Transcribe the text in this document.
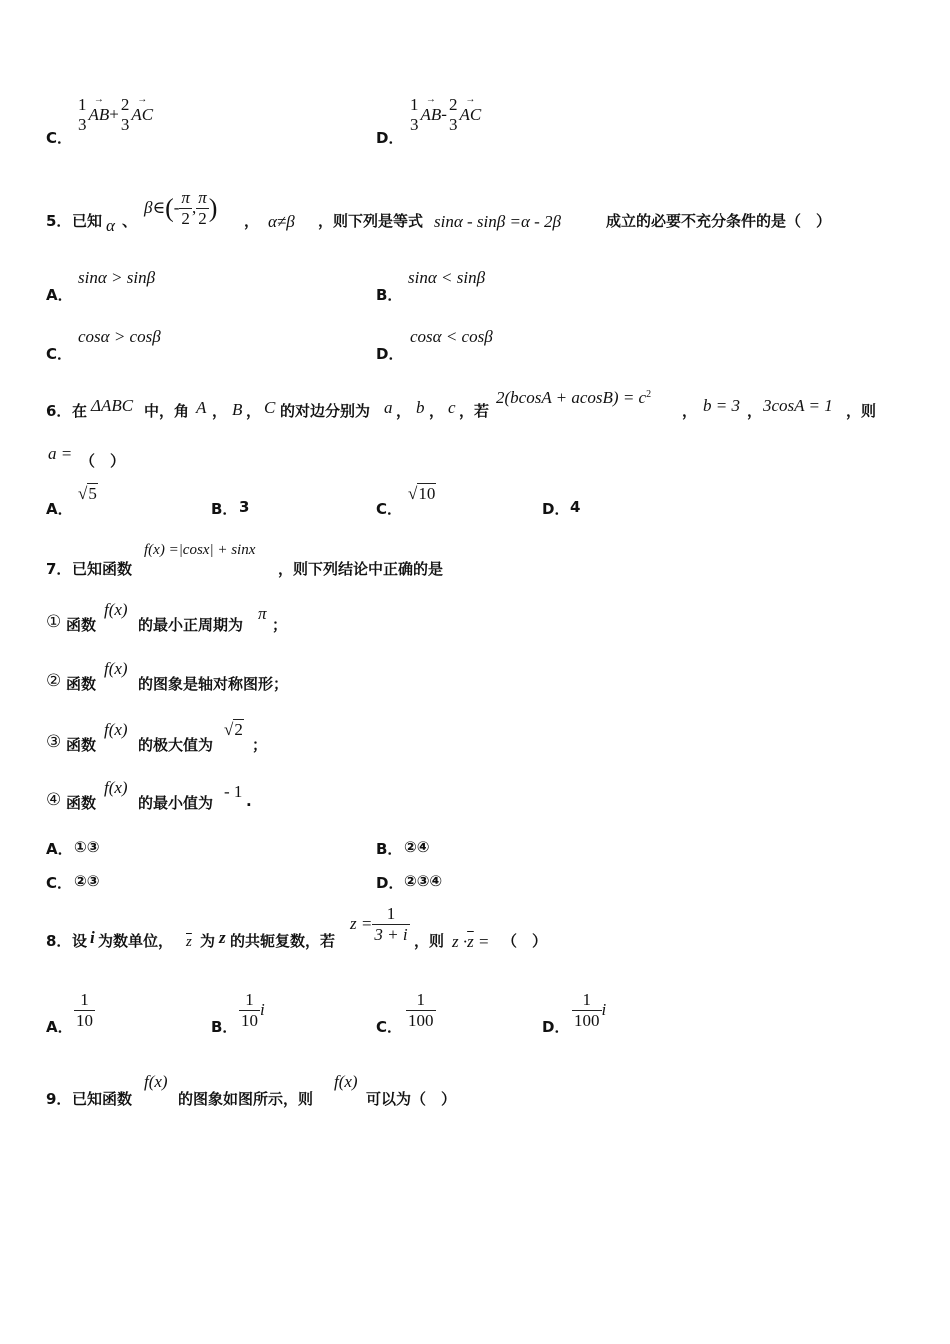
C．
1
3
→ AB+ 2
3
→ AC
D．
1
3
→ AB- 2
3
→ AC
5． 已知 α 、
β∈(- $\frac{\pi}{2}$ , $\frac{\pi}{2}$ ) ， α≠β ，则下列是等式 sinα - sinβ =α - 2β	成立的必要不充分条件的是（　）
A．
sinα > sinβ
B．
sinα < sinβ
C．
cosα > cosβ
D．
cosα < cosβ
6． 在 ΔABC 中，角 A ， B ， C 的对边分别为 a ， b ， c ，若
$2(bcosA + acosB) = c^2$
， b = 3 ， 3cosA = 1 ，则
a = （　）
A．
√5
B． 3	C．
√10
D． 4
7． 已知函数
f(x) =|cosx| + sinx
，则下列结论中正确的是
① 函数
f(x)
的最小正周期为
π
；
② 函数
f(x)
的图象是轴对称图形；
③ 函数
f(x)
的极大值为
√2
；
④ 函数
f(x)
的最小值为
- 1 .
A． ①③	B． ②④
C． ②③	D． ②③④
8． 设 i 为数单位， $\overline{z}$ 为 z 的共轭复数，若
$z = \frac{1}{3 + i}$ ，则 $z \cdot\overline{z}$ = （　）
A． $\frac{1}{10}$	B． $\frac{1}{10}$ i
C． $\frac{1}{100}$	D． $\frac{1}{100}$ i
9． 已知函数
f(x)
的图象如图所示，则
f(x)
可以为（　）
